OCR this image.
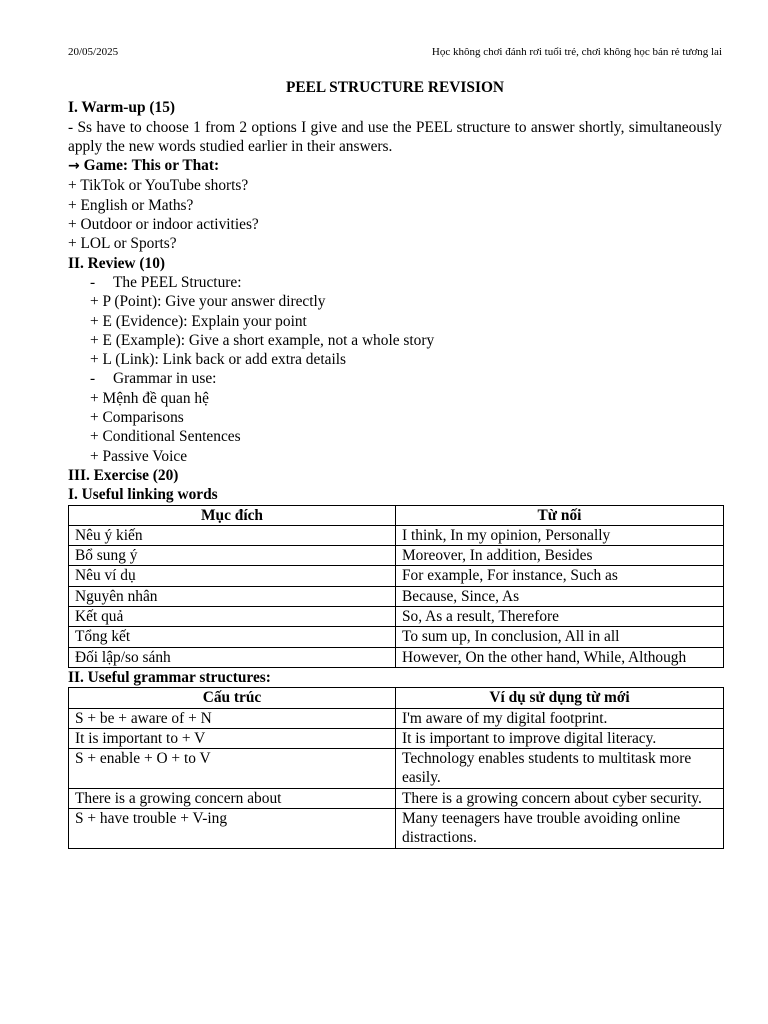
20/05/2025	Học không chơi đánh rơi tuổi trẻ, chơi không học bán rẻ tương lai
PEEL STRUCTURE REVISION
I. Warm-up (15)
- Ss have to choose 1 from 2 options I give and use the PEEL structure to answer shortly, simultaneously apply the new words studied earlier in their answers.
→ Game: This or That:
+ TikTok or YouTube shorts?
+ English or Maths?
+ Outdoor or indoor activities?
+ LOL or Sports?
II. Review (10)
-	The PEEL Structure:
+ P (Point): Give your answer directly
+ E (Evidence): Explain your point
+ E (Example): Give a short example, not a whole story
+ L (Link): Link back or add extra details
-	Grammar in use:
+ Mệnh đề quan hệ
+ Comparisons
+ Conditional Sentences
+ Passive Voice
III. Exercise (20)
I. Useful linking words
Mục đích	Từ nối
Nêu ý kiến	I think, In my opinion, Personally
Bổ sung ý	Moreover, In addition, Besides
Nêu ví dụ	For example, For instance, Such as
Nguyên nhân	Because, Since, As
Kết quả	So, As a result, Therefore
Tổng kết	To sum up, In conclusion, All in all
Đối lập/so sánh	However, On the other hand, While, Although
II. Useful grammar structures:
Cấu trúc	Ví dụ sử dụng từ mới
S + be + aware of + N	I'm aware of my digital footprint.
It is important to + V	It is important to improve digital literacy.
S + enable + O + to V	Technology enables students to multitask more easily.
There is a growing concern about	There is a growing concern about cyber security.
S + have trouble + V-ing	Many teenagers have trouble avoiding online distractions.
